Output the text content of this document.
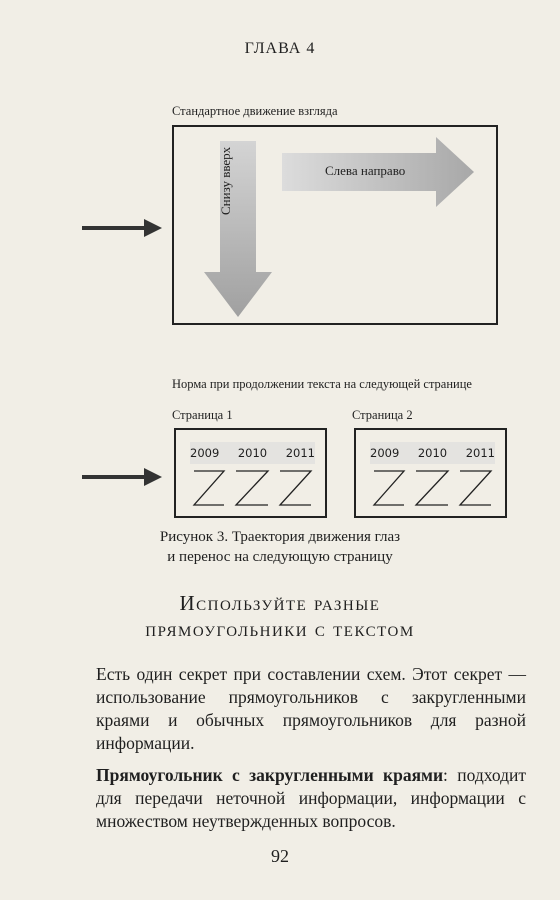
ГЛАВА 4
Стандартное движение взгляда
Слева направо
Снизу вверх
Норма при продолжении текста на следующей странице
Страница 1	Страница 2
2009 2010 2011	2009 2010 2011
Рисунок 3. Траектория движения глаз
и перенос на следующую страницу
Используйте разные
прямоугольники с текстом

Есть один секрет при составлении схем. Этот секрет — использование прямоугольников с закругленными краями и обычных прямоугольников для разной информации.

Прямоугольник с закругленными краями: подходит для передачи неточной информации, информации с множеством неутвержденных вопросов.

92
